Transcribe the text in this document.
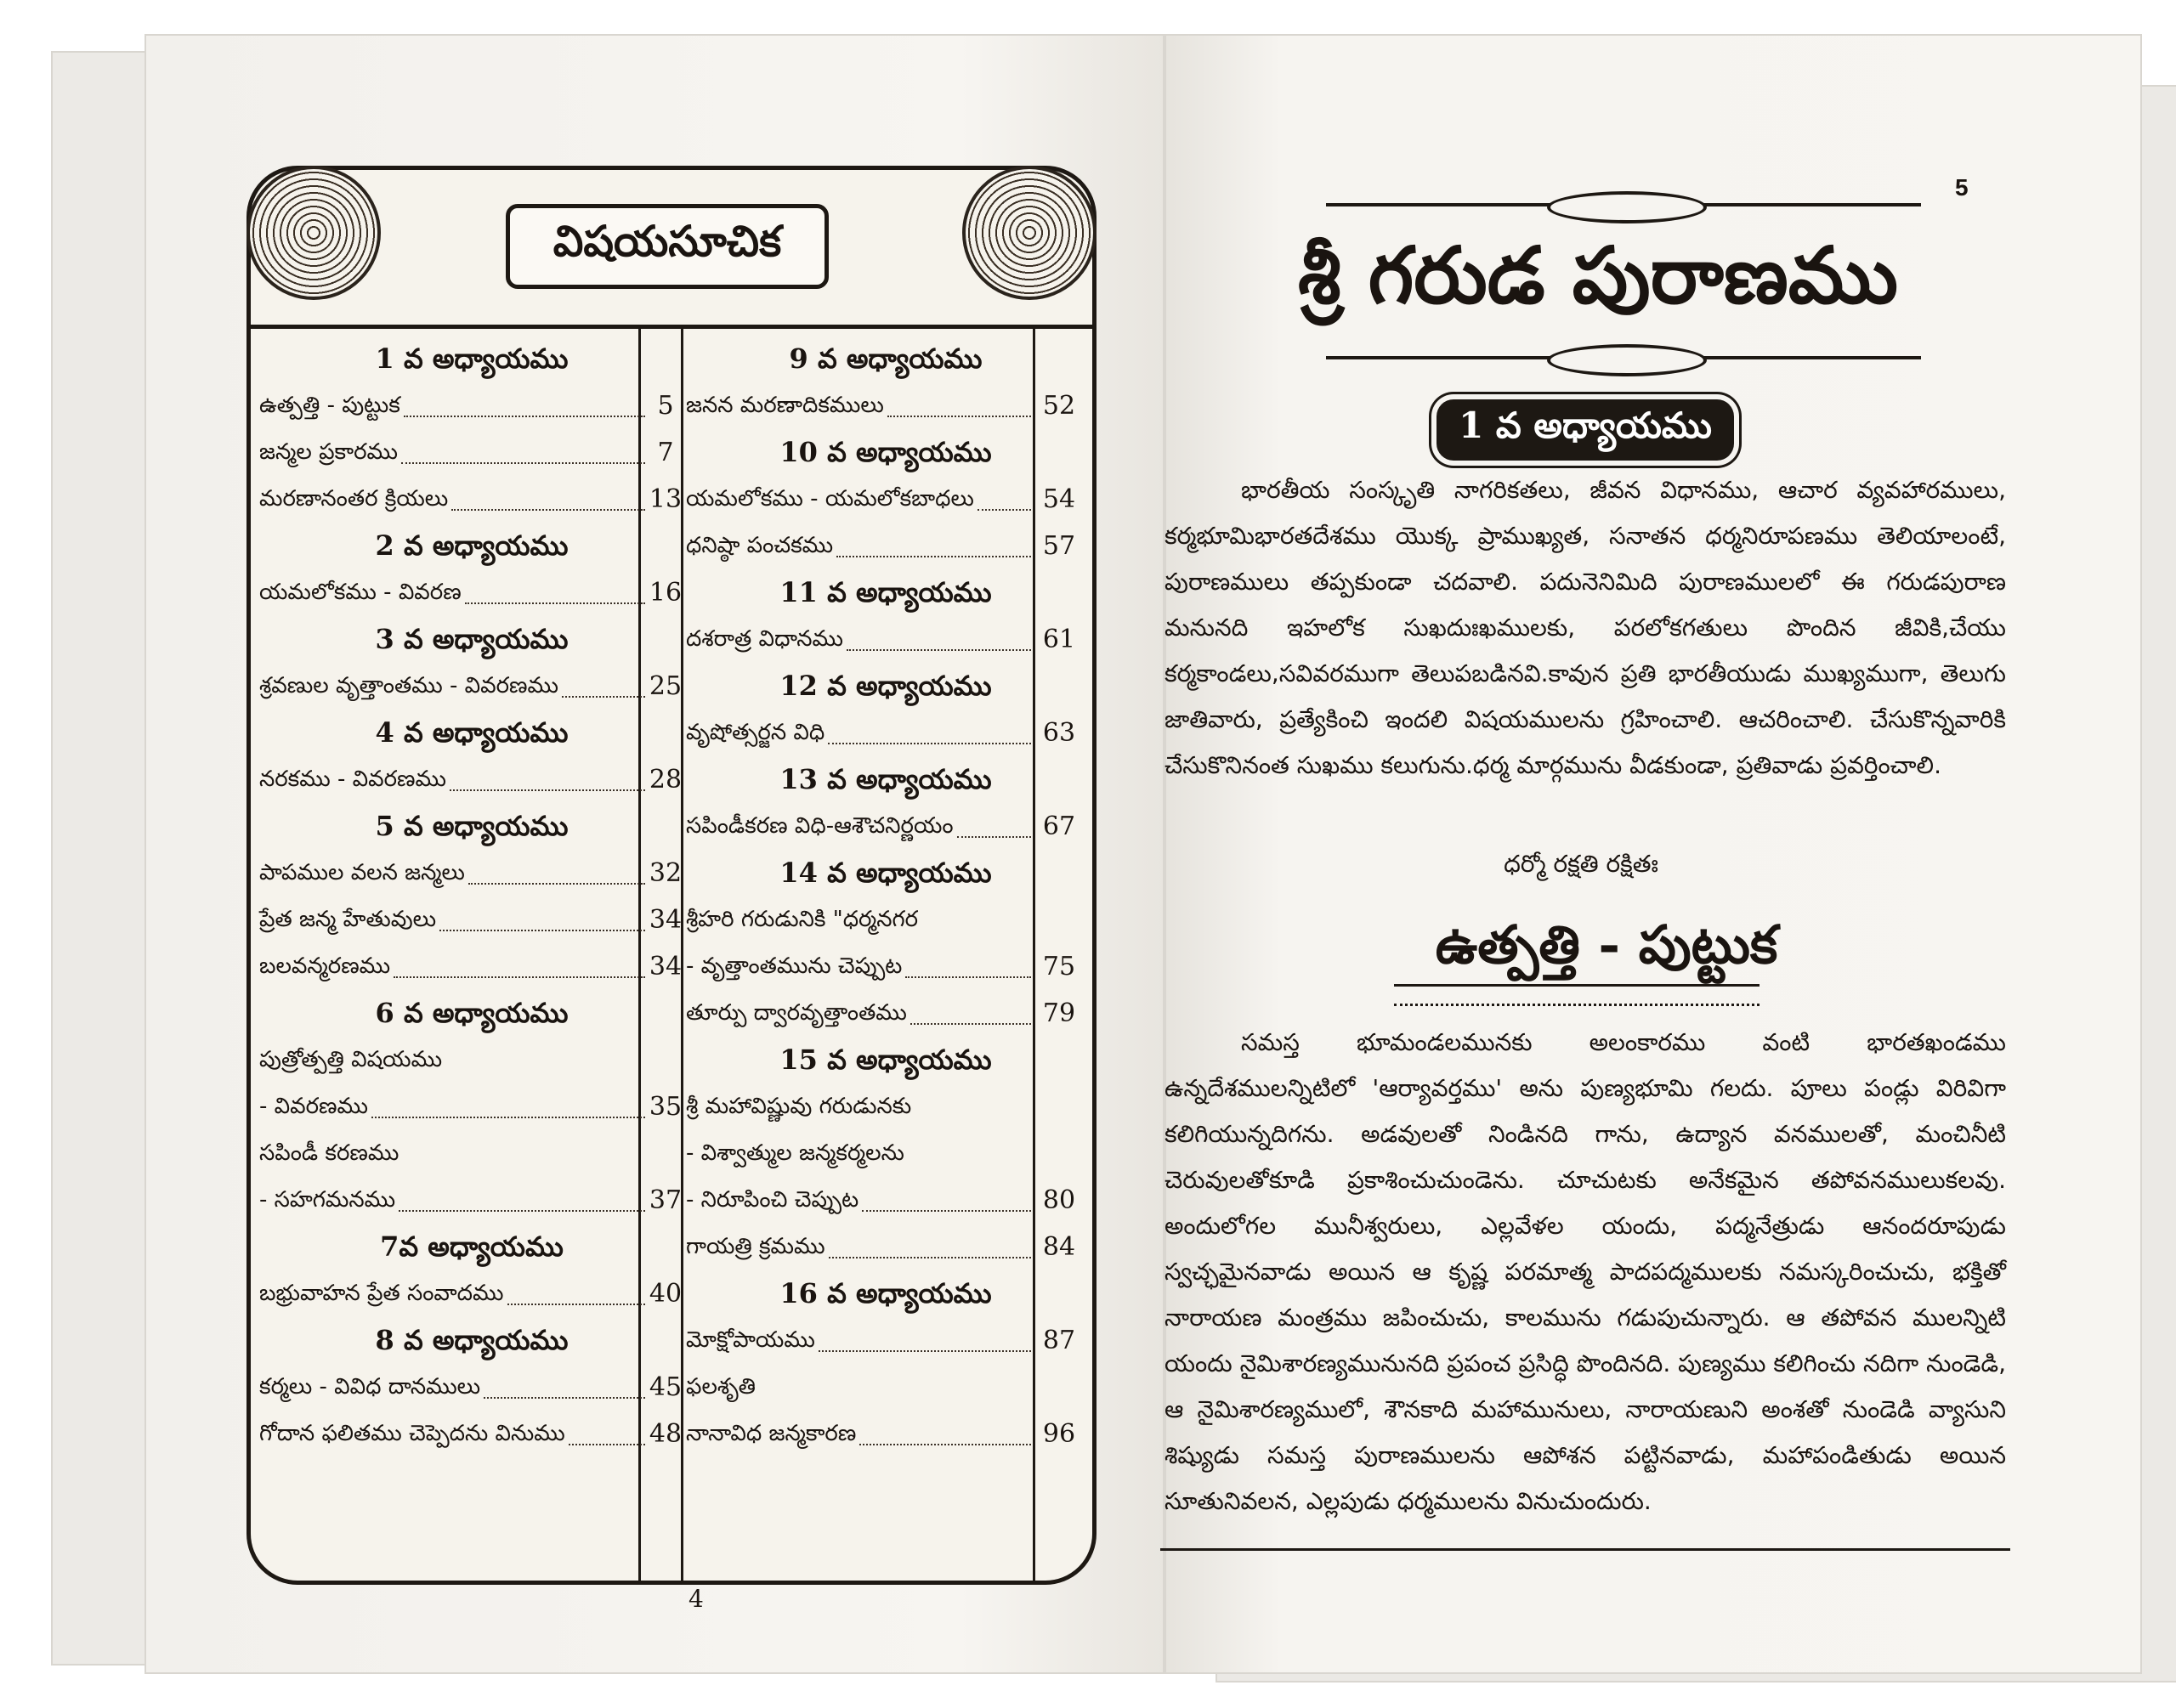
విషయసూచిక
1 వ అధ్యాయము
ఉత్పత్తి - పుట్టుక	5
జన్మల ప్రకారము	7
మరణానంతర క్రియలు	13
2 వ అధ్యాయము
యమలోకము - వివరణ	16
3 వ అధ్యాయము
శ్రవణుల వృత్తాంతము - వివరణము	25
4 వ అధ్యాయము
నరకము - వివరణము	28
5 వ అధ్యాయము
పాపముల వలన జన్మలు	32
ప్రేత జన్మ హేతువులు	34
బలవన్మరణము	34
6 వ అధ్యాయము
పుత్రోత్పత్తి విషయము
- వివరణము	35
సపిండీ కరణము
- సహగమనము	37
7వ అధ్యాయము
బభ్రువాహన ప్రేత సంవాదము	40
8 వ అధ్యాయము
కర్మలు - వివిధ దానములు	45
గోదాన ఫలితము చెప్పెదను వినుము	48
9 వ అధ్యాయము
జనన మరణాదికములు	52
10 వ అధ్యాయము
యమలోకము - యమలోకబాధలు	54
ధనిష్ఠా పంచకము	57
11 వ అధ్యాయము
దశరాత్ర విధానము	61
12 వ అధ్యాయము
వృషోత్సర్జన విధి	63
13 వ అధ్యాయము
సపిండీకరణ విధి-ఆశౌచనిర్ణయం	67
14 వ అధ్యాయము
శ్రీహరి గరుడునికి "ధర్మనగర
- వృత్తాంతమును చెప్పుట	75
తూర్పు ద్వారవృత్తాంతము	79
15 వ అధ్యాయము
శ్రీ మహావిష్ణువు గరుడునకు
- విశ్వాత్ముల జన్మకర్మలను
- నిరూపించి చెప్పుట	80
గాయత్రి క్రమము	84
16 వ అధ్యాయము
మోక్షోపాయము	87
ఫలశృతి
నానావిధ జన్మకారణ	96
4
5
శ్రీ గరుడ పురాణము
1 వ అధ్యాయము

భారతీయ సంస్కృతి నాగరికతలు, జీవన విధానము, ఆచార వ్యవహారములు, కర్మభూమిభారతదేశము యొక్క ప్రాముఖ్యత, సనాతన ధర్మనిరూపణము తెలియాలంటే, పురాణములు తప్పకుండా చదవాలి. పదునెనిమిది పురాణములలో ఈ గరుడపురాణ మనునది ఇహలోక సుఖదుఃఖములకు, పరలోకగతులు పొందిన జీవికి,చేయు కర్మకాండలు,సవివరముగా తెలుపబడినవి.కావున ప్రతి భారతీయుడు ముఖ్యముగా, తెలుగు జాతివారు, ప్రత్యేకించి ఇందలి విషయములను గ్రహించాలి. ఆచరించాలి. చేసుకొన్నవారికి చేసుకొనినంత సుఖము కలుగును.ధర్మ మార్గమును వీడకుండా, ప్రతివాడు ప్రవర్తించాలి.

ధర్మో రక్షతి రక్షితః
ఉత్పత్తి - పుట్టుక

సమస్త భూమండలమునకు అలంకారము వంటి భారతఖండము ఉన్నదేశములన్నిటిలో 'ఆర్యావర్తము' అను పుణ్యభూమి గలదు. పూలు పండ్లు విరివిగా కలిగియున్నదిగను. అడవులతో నిండినది గాను, ఉద్యాన వనములతో, మంచినీటి చెరువులతోకూడి ప్రకాశించుచుండెను. చూచుటకు అనేకమైన తపోవనములుకలవు. అందులోగల మునీశ్వరులు, ఎల్లవేళల యందు, పద్మనేత్రుడు ఆనందరూపుడు స్వచ్ఛమైనవాడు అయిన ఆ కృష్ణ పరమాత్మ పాదపద్మములకు నమస్కరించుచు, భక్తితో నారాయణ మంత్రము జపించుచు, కాలమును గడుపుచున్నారు. ఆ తపోవన ములన్నిటి యందు నైమిశారణ్యమునునది ప్రపంచ ప్రసిద్ధి పొందినది. పుణ్యము కలిగించు నదిగా నుండెడి, ఆ నైమిశారణ్యములో, శౌనకాది మహామునులు, నారాయణుని అంశతో నుండెడి వ్యాసుని శిష్యుడు సమస్త పురాణములను ఆపోశన పట్టినవాడు, మహాపండితుడు అయిన సూతునివలన, ఎల్లపుడు ధర్మములను వినుచుందురు.
